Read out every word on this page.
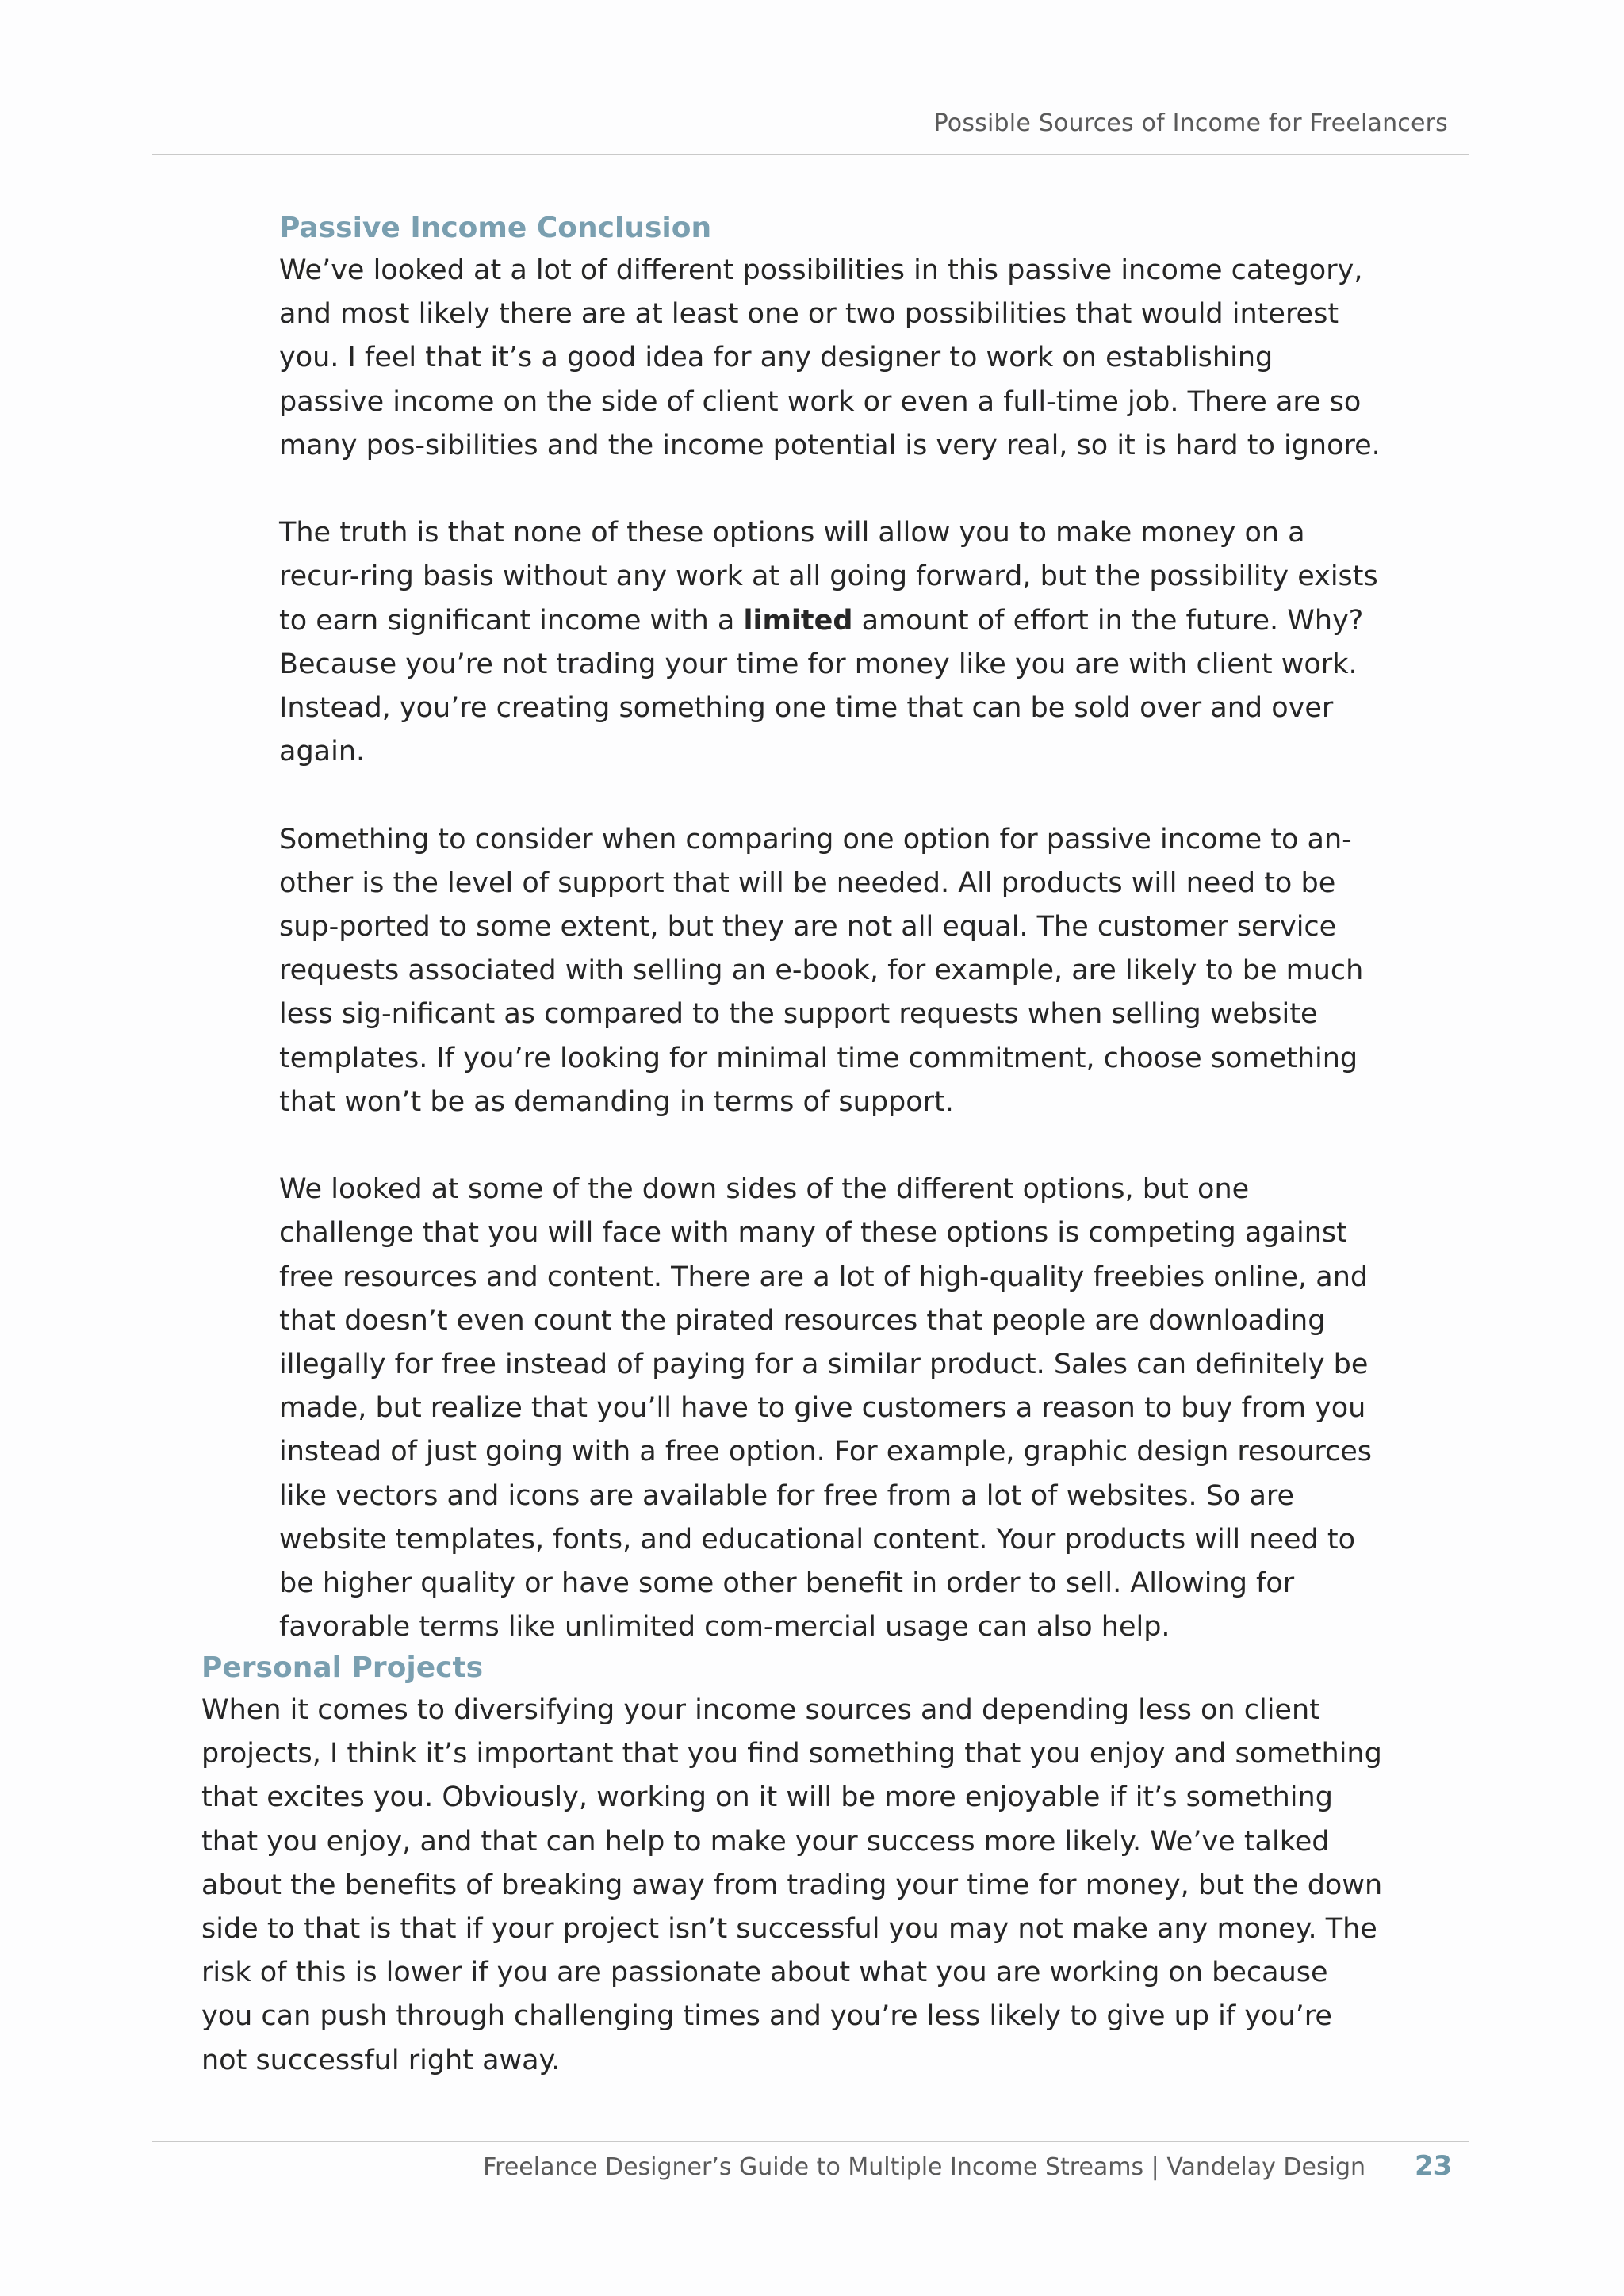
Possible Sources of Income for Freelancers
Passive Income Conclusion

We’ve looked at a lot of different possibilities in this passive income category, and most likely there are at least one or two possibilities that would interest you. I feel that it’s a good idea for any designer to work on establishing passive income on the side of client work or even a full-time job. There are so many pos-sibilities and the income potential is very real, so it is hard to ignore.

The truth is that none of these options will allow you to make money on a recur-ring basis without any work at all going forward, but the possibility exists to earn significant income with a limited amount of effort in the future. Why? Because you’re not trading your time for money like you are with client work. Instead, you’re creating something one time that can be sold over and over again.

Something to consider when comparing one option for passive income to an-other is the level of support that will be needed. All products will need to be sup-ported to some extent, but they are not all equal. The customer service requests associated with selling an e-book, for example, are likely to be much less sig-nificant as compared to the support requests when selling website templates. If you’re looking for minimal time commitment, choose something that won’t be as demanding in terms of support.

We looked at some of the down sides of the different options, but one challenge that you will face with many of these options is competing against free resources and content. There are a lot of high-quality freebies online, and that doesn’t even count the pirated resources that people are downloading illegally for free instead of paying for a similar product. Sales can definitely be made, but realize that you’ll have to give customers a reason to buy from you instead of just going with a free option. For example, graphic design resources like vectors and icons are available for free from a lot of websites. So are website templates, fonts, and educational content. Your products will need to be higher quality or have some other benefit in order to sell. Allowing for favorable terms like unlimited com-mercial usage can also help.

Personal Projects

When it comes to diversifying your income sources and depending less on client projects, I think it’s important that you find something that you enjoy and something that excites you. Obviously, working on it will be more enjoyable if it’s something that you enjoy, and that can help to make your success more likely. We’ve talked about the benefits of breaking away from trading your time for money, but the down side to that is that if your project isn’t successful you may not make any money. The risk of this is lower if you are passionate about what you are working on because you can push through challenging times and you’re less likely to give up if you’re not successful right away.

Freelance Designer’s Guide to Multiple Income Streams | Vandelay Design 23
